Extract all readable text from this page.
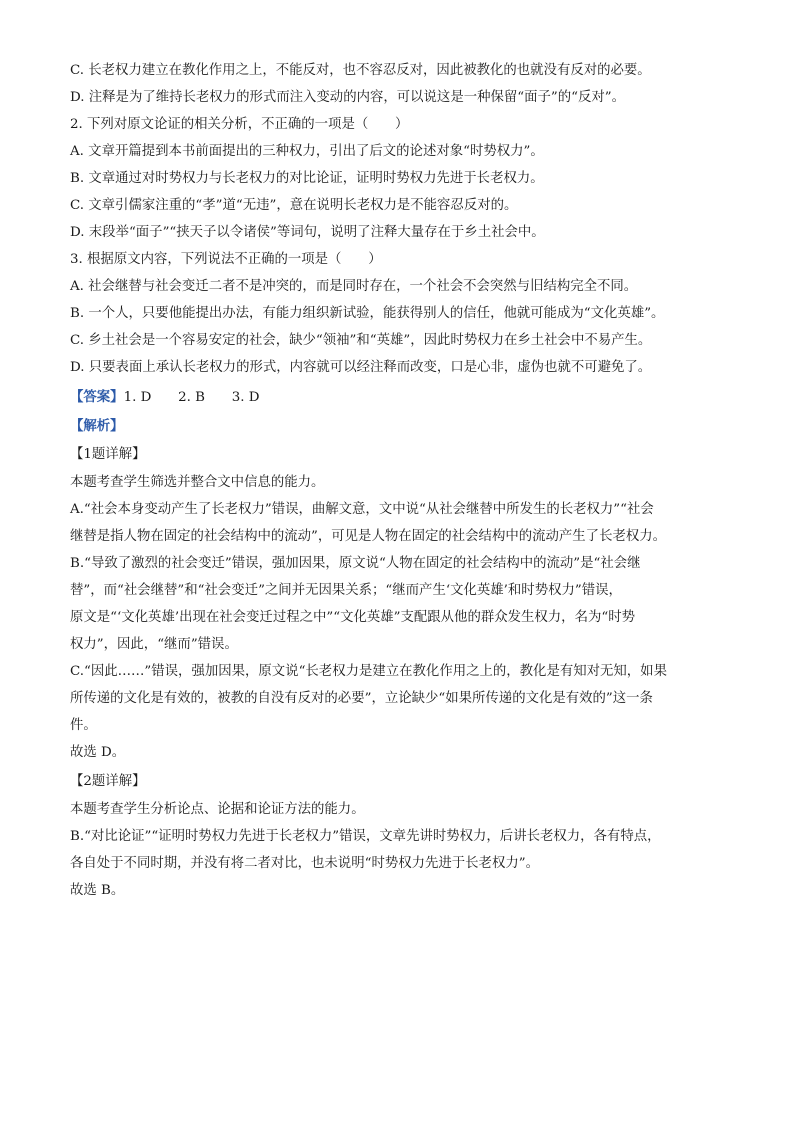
C. 长老权力建立在教化作用之上，不能反对，也不容忍反对，因此被教化的也就没有反对的必要。

D. 注释是为了维持长老权力的形式而注入变动的内容，可以说这是一种保留“面子”的“反对”。

2. 下列对原文论证的相关分析，不正确的一项是（　　）

A. 文章开篇提到本书前面提出的三种权力，引出了后文的论述对象“时势权力”。

B. 文章通过对时势权力与长老权力的对比论证，证明时势权力先进于长老权力。

C. 文章引儒家注重的“孝”道“无违”，意在说明长老权力是不能容忍反对的。

D. 末段举“面子”“挟天子以令诸侯”等词句，说明了注释大量存在于乡土社会中。

3. 根据原文内容，下列说法不正确的一项是（　　）

A. 社会继替与社会变迁二者不是冲突的，而是同时存在，一个社会不会突然与旧结构完全不同。

B. 一个人，只要他能提出办法，有能力组织新试验，能获得别人的信任，他就可能成为“文化英雄”。

C. 乡土社会是一个容易安定的社会，缺少“领袖”和“英雄”，因此时势权力在乡土社会中不易产生。

D. 只要表面上承认长老权力的形式，内容就可以经注释而改变，口是心非，虚伪也就不可避免了。

【答案】1. D　　2. B　　3. D

【解析】

【1题详解】

本题考查学生筛选并整合文中信息的能力。

A.“社会本身变动产生了长老权力”错误，曲解文意，文中说“从社会继替中所发生的长老权力”“社会

继替是指人物在固定的社会结构中的流动”，可见是人物在固定的社会结构中的流动产生了长老权力。

B.“导致了激烈的社会变迁”错误，强加因果，原文说“人物在固定的社会结构中的流动”是“社会继

替”，而“社会继替”和“社会变迁”之间并无因果关系；“继而产生‘文化英雄’和时势权力”错误，

原文是“‘文化英雄’出现在社会变迁过程之中”“文化英雄”支配跟从他的群众发生权力，名为“时势

权力”，因此，“继而”错误。

C.“因此……”错误，强加因果，原文说“长老权力是建立在教化作用之上的，教化是有知对无知，如果

所传递的文化是有效的，被教的自没有反对的必要”，立论缺少“如果所传递的文化是有效的”这一条

件。

故选 D。

【2题详解】

本题考查学生分析论点、论据和论证方法的能力。

B.“对比论证”“证明时势权力先进于长老权力”错误，文章先讲时势权力，后讲长老权力，各有特点，

各自处于不同时期，并没有将二者对比，也未说明“时势权力先进于长老权力”。

故选 B。
